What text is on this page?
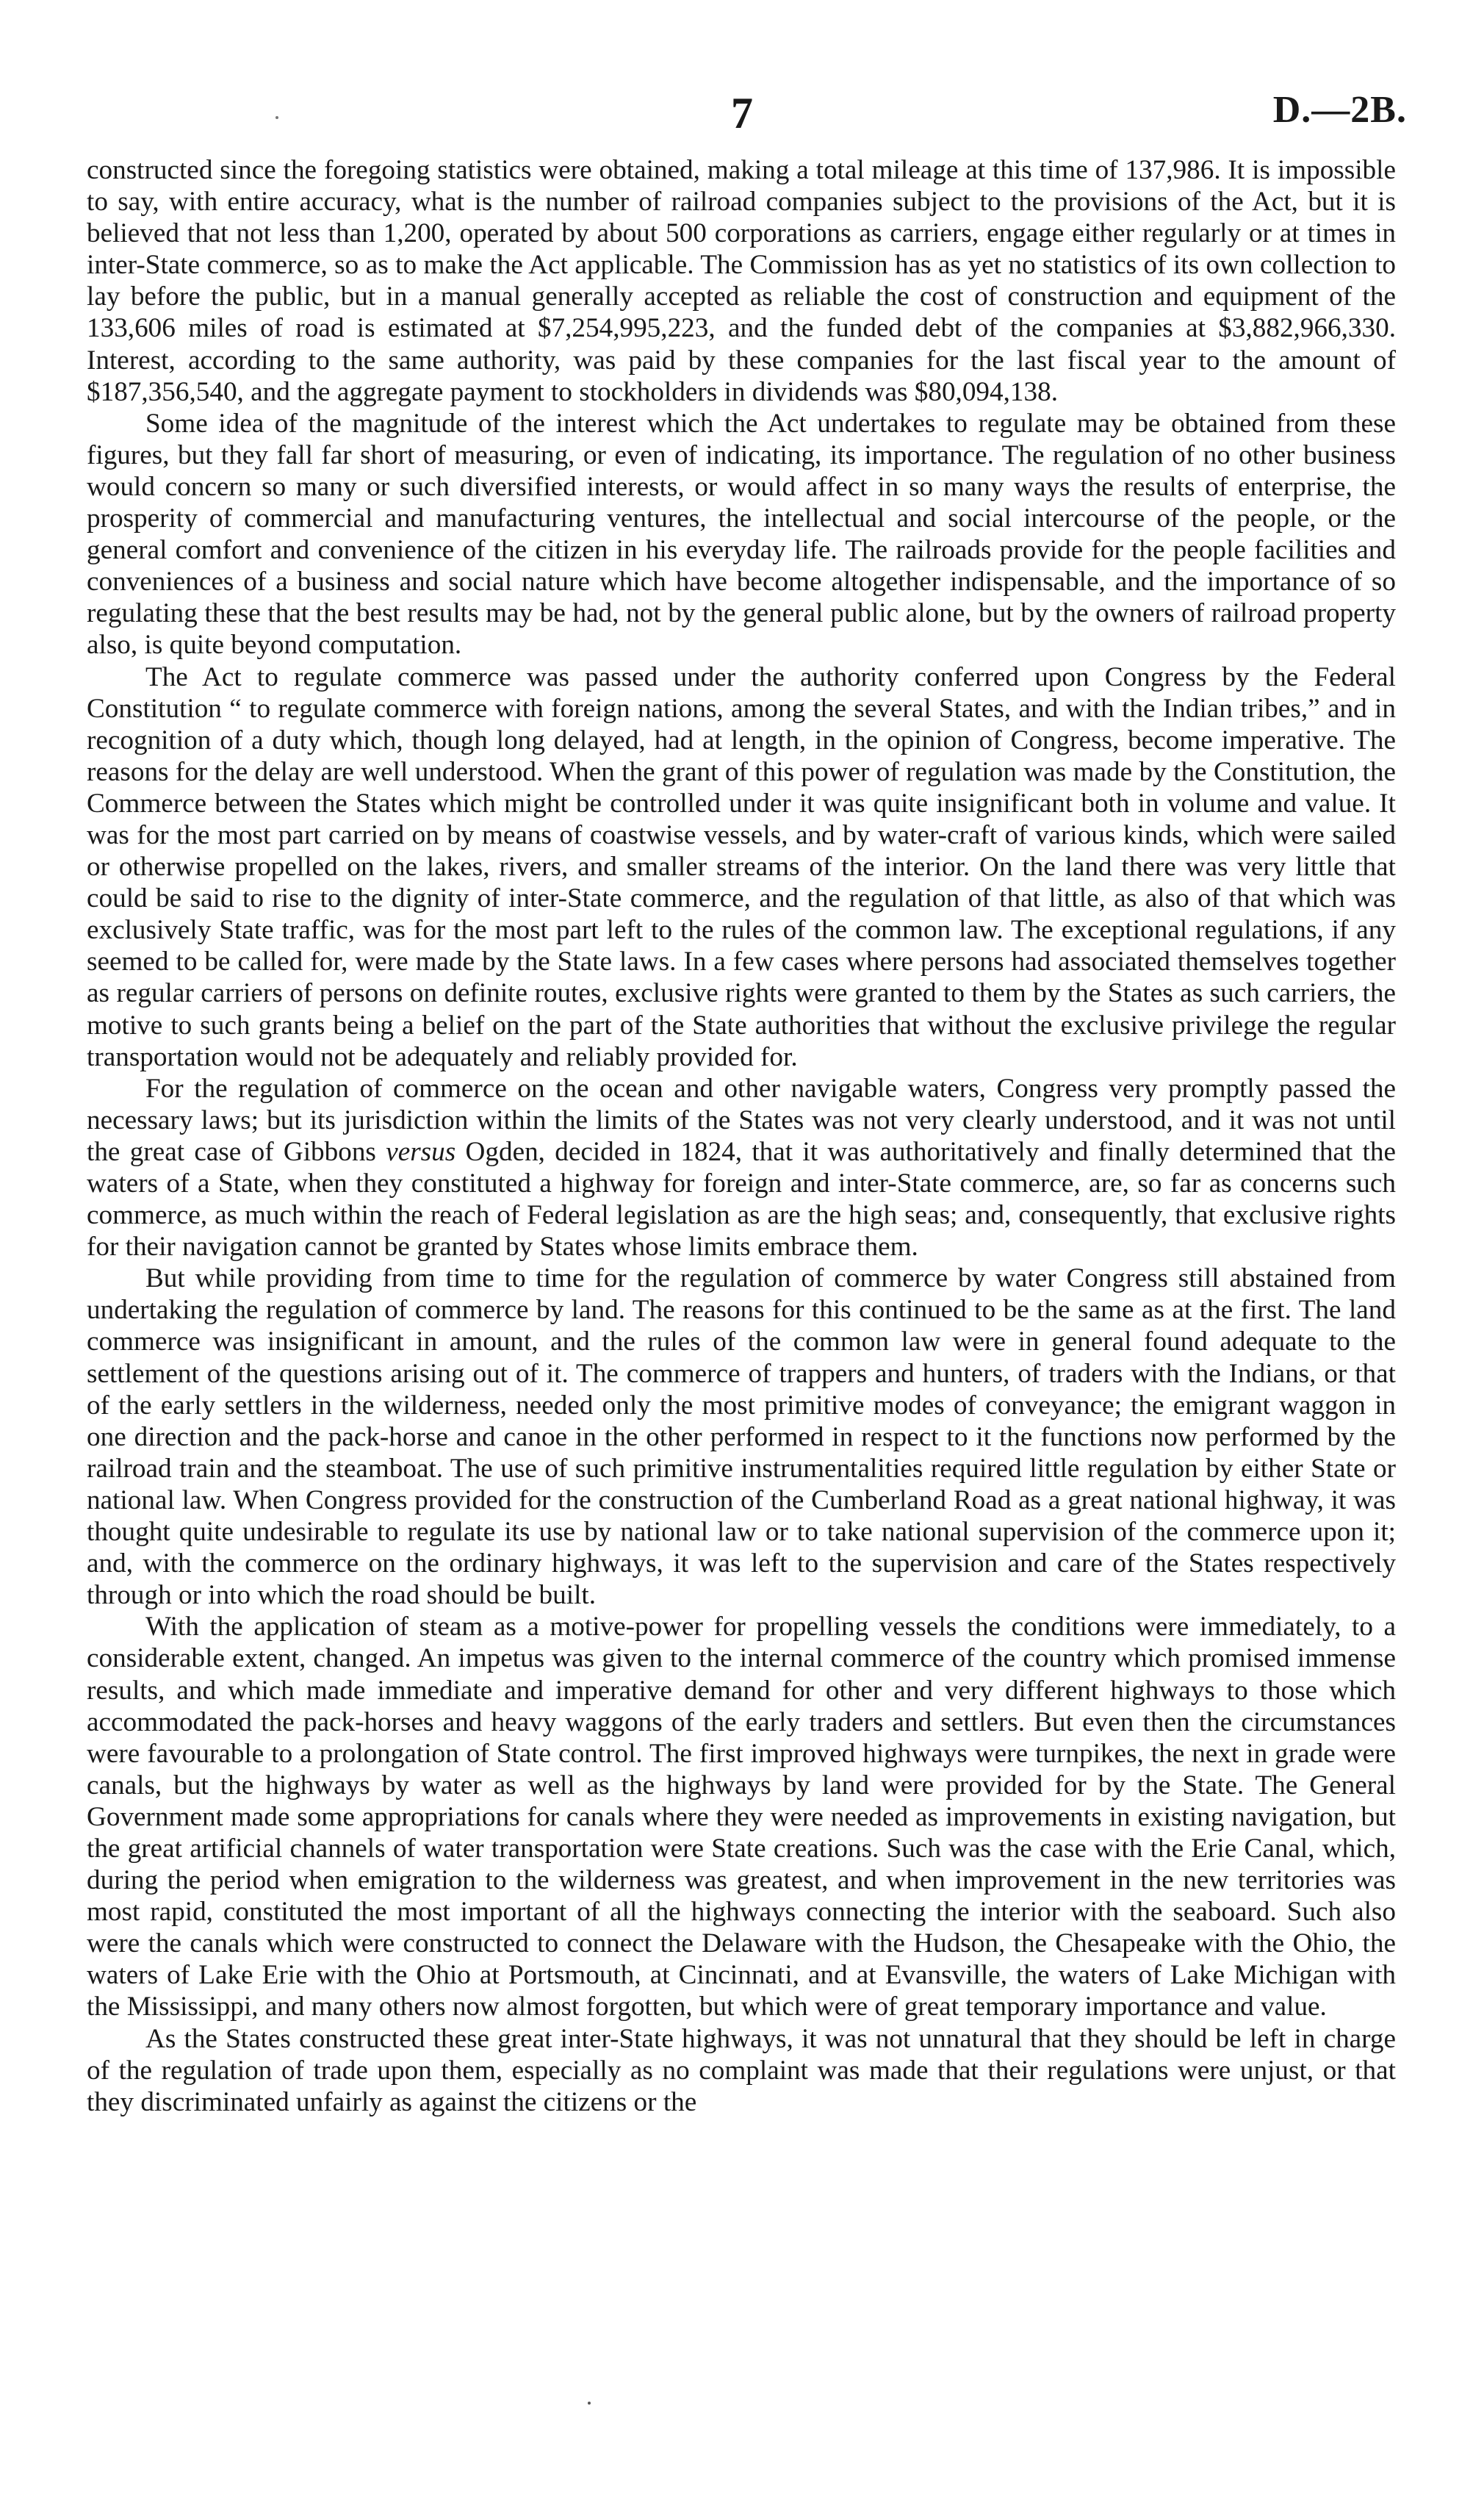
7	D.—2B.

constructed since the foregoing statistics were obtained, making a total mileage at this time of 137,986. It is impossible to say, with entire accuracy, what is the number of railroad companies subject to the provisions of the Act, but it is believed that not less than 1,200, operated by about 500 corporations as carriers, engage either regularly or at times in inter-State commerce, so as to make the Act applicable. The Commission has as yet no statistics of its own collection to lay before the public, but in a manual generally accepted as reliable the cost of construction and equipment of the 133,606 miles of road is estimated at $7,254,995,223, and the funded debt of the companies at $3,882,966,330. Interest, according to the same authority, was paid by these companies for the last fiscal year to the amount of $187,356,540, and the aggregate payment to stockholders in dividends was $80,094,138.

Some idea of the magnitude of the interest which the Act undertakes to regulate may be obtained from these figures, but they fall far short of measuring, or even of indicating, its importance. The regulation of no other business would concern so many or such diversified interests, or would affect in so many ways the results of enterprise, the prosperity of commercial and manufacturing ventures, the intellectual and social intercourse of the people, or the general comfort and convenience of the citizen in his everyday life. The railroads provide for the people facilities and conveniences of a business and social nature which have become altogether indispensable, and the importance of so regulating these that the best results may be had, not by the general public alone, but by the owners of railroad property also, is quite beyond computation.

The Act to regulate commerce was passed under the authority conferred upon Congress by the Federal Constitution “ to regulate commerce with foreign nations, among the several States, and with the Indian tribes,” and in recognition of a duty which, though long delayed, had at length, in the opinion of Congress, become imperative. The reasons for the delay are well understood. When the grant of this power of regulation was made by the Constitution, the Commerce between the States which might be controlled under it was quite insignificant both in volume and value. It was for the most part carried on by means of coastwise vessels, and by water-craft of various kinds, which were sailed or otherwise propelled on the lakes, rivers, and smaller streams of the interior. On the land there was very little that could be said to rise to the dignity of inter-State commerce, and the regulation of that little, as also of that which was exclusively State traffic, was for the most part left to the rules of the common law. The exceptional regulations, if any seemed to be called for, were made by the State laws. In a few cases where persons had associated themselves together as regular carriers of persons on definite routes, exclusive rights were granted to them by the States as such carriers, the motive to such grants being a belief on the part of the State authorities that without the exclusive privilege the regular transportation would not be adequately and reliably provided for.

For the regulation of commerce on the ocean and other navigable waters, Congress very promptly passed the necessary laws; but its jurisdiction within the limits of the States was not very clearly understood, and it was not until the great case of Gibbons versus Ogden, decided in 1824, that it was authoritatively and finally determined that the waters of a State, when they constituted a highway for foreign and inter-State commerce, are, so far as concerns such commerce, as much within the reach of Federal legislation as are the high seas; and, consequently, that exclusive rights for their navigation cannot be granted by States whose limits embrace them.

But while providing from time to time for the regulation of commerce by water Congress still abstained from undertaking the regulation of commerce by land. The reasons for this continued to be the same as at the first. The land commerce was insignificant in amount, and the rules of the common law were in general found adequate to the settlement of the questions arising out of it. The commerce of trappers and hunters, of traders with the Indians, or that of the early settlers in the wilderness, needed only the most primitive modes of conveyance; the emigrant waggon in one direction and the pack-horse and canoe in the other performed in respect to it the functions now performed by the railroad train and the steamboat. The use of such primitive instrumentalities required little regulation by either State or national law. When Congress provided for the construction of the Cumberland Road as a great national highway, it was thought quite undesirable to regulate its use by national law or to take national supervision of the commerce upon it; and, with the commerce on the ordinary highways, it was left to the supervision and care of the States respectively through or into which the road should be built.

With the application of steam as a motive-power for propelling vessels the conditions were immediately, to a considerable extent, changed. An impetus was given to the internal commerce of the country which promised immense results, and which made immediate and imperative demand for other and very different highways to those which accommodated the pack-horses and heavy waggons of the early traders and settlers. But even then the circumstances were favourable to a prolongation of State control. The first improved highways were turnpikes, the next in grade were canals, but the highways by water as well as the highways by land were provided for by the State. The General Government made some appropriations for canals where they were needed as improvements in existing navigation, but the great artificial channels of water transportation were State creations. Such was the case with the Erie Canal, which, during the period when emigration to the wilderness was greatest, and when improvement in the new territories was most rapid, constituted the most important of all the highways connecting the interior with the seaboard. Such also were the canals which were constructed to connect the Delaware with the Hudson, the Chesapeake with the Ohio, the waters of Lake Erie with the Ohio at Portsmouth, at Cincinnati, and at Evansville, the waters of Lake Michigan with the Mississippi, and many others now almost forgotten, but which were of great temporary importance and value.

As the States constructed these great inter-State highways, it was not unnatural that they should be left in charge of the regulation of trade upon them, especially as no complaint was made that their regulations were unjust, or that they discriminated unfairly as against the citizens or the
